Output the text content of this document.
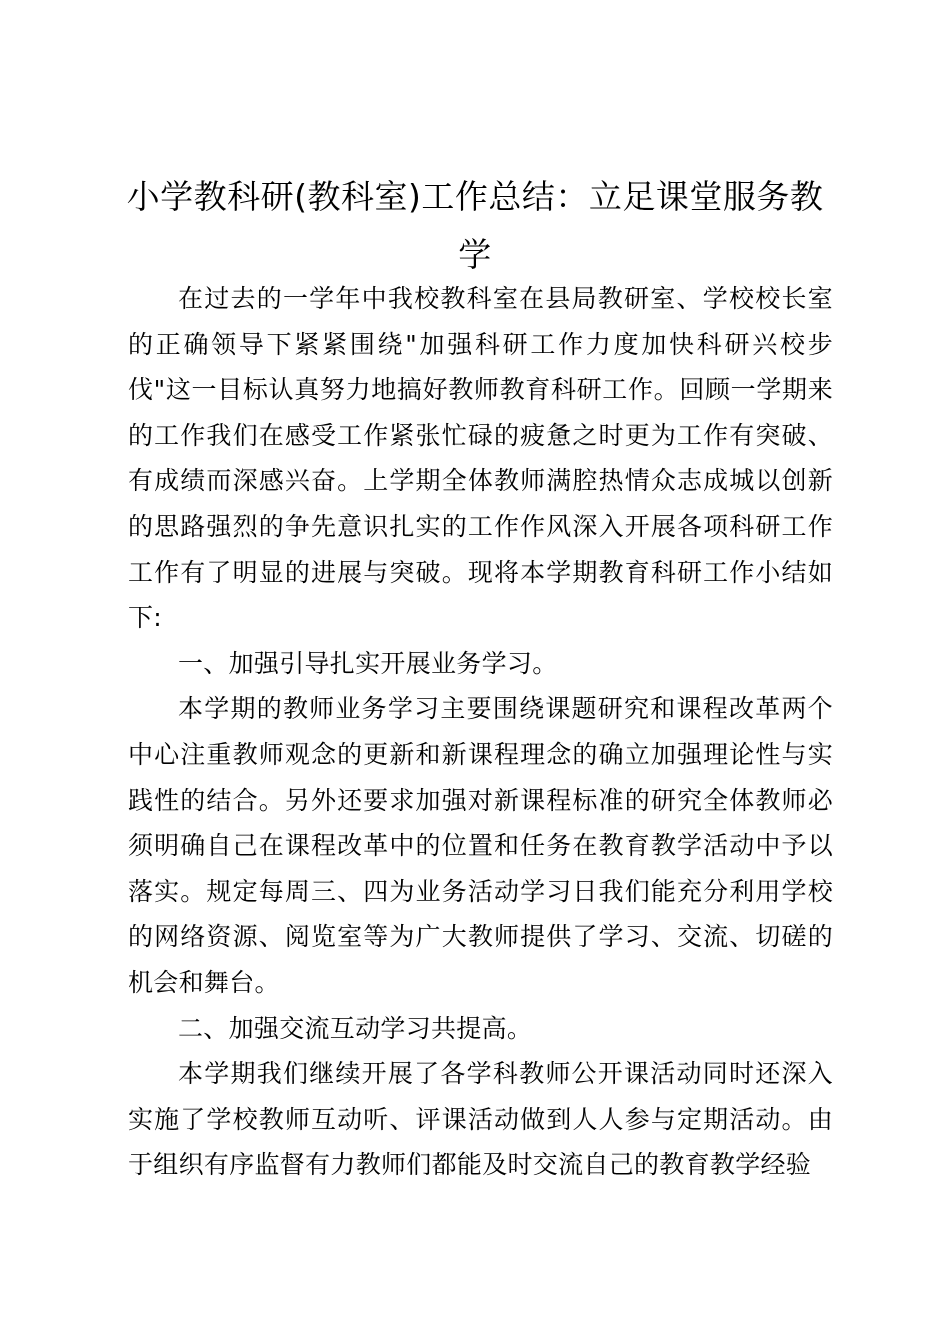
小学教科研(教科室)工作总结：立足课堂服务教学

在过去的一学年中我校教科室在县局教研室、学校校长室的正确领导下紧紧围绕"加强科研工作力度加快科研兴校步伐"这一目标认真努力地搞好教师教育科研工作。回顾一学期来的工作我们在感受工作紧张忙碌的疲惫之时更为工作有突破、有成绩而深感兴奋。上学期全体教师满腔热情众志成城以创新的思路强烈的争先意识扎实的工作作风深入开展各项科研工作工作有了明显的进展与突破。现将本学期教育科研工作小结如下:

一、加强引导扎实开展业务学习。

本学期的教师业务学习主要围绕课题研究和课程改革两个中心注重教师观念的更新和新课程理念的确立加强理论性与实践性的结合。另外还要求加强对新课程标准的研究全体教师必须明确自己在课程改革中的位置和任务在教育教学活动中予以落实。规定每周三、四为业务活动学习日我们能充分利用学校的网络资源、阅览室等为广大教师提供了学习、交流、切磋的机会和舞台。

二、加强交流互动学习共提高。

本学期我们继续开展了各学科教师公开课活动同时还深入实施了学校教师互动听、评课活动做到人人参与定期活动。由于组织有序监督有力教师们都能及时交流自己的教育教学经验
